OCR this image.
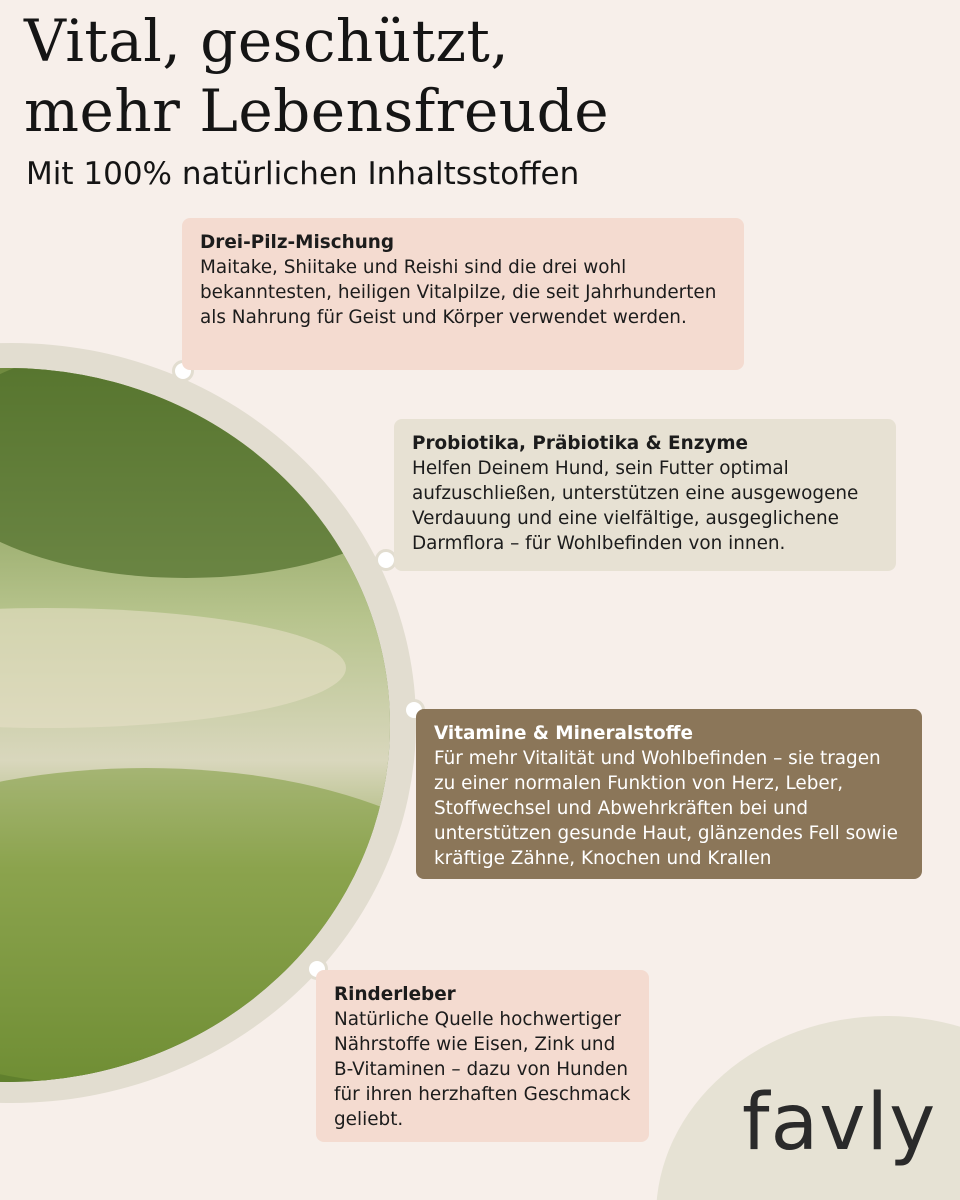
Vital, geschützt,
mehr Lebensfreude
Mit 100% natürlichen Inhaltsstoffen
Drei-Pilz-Mischung
Maitake, Shiitake und Reishi sind die drei wohl bekanntesten, heiligen Vitalpilze, die seit Jahrhunderten als Nahrung für Geist und Körper verwendet werden.
Probiotika, Präbiotika & Enzyme
Helfen Deinem Hund, sein Futter optimal aufzuschließen, unterstützen eine ausgewogene Verdauung und eine vielfältige, ausgeglichene Darmflora – für Wohlbefinden von innen.
Vitamine & Mineralstoffe
Für mehr Vitalität und Wohlbefinden – sie tragen zu einer normalen Funktion von Herz, Leber, Stoffwechsel und Abwehrkräften bei und unterstützen gesunde Haut, glänzendes Fell sowie kräftige Zähne, Knochen und Krallen
Rinderleber
Natürliche Quelle hochwertiger Nährstoffe wie Eisen, Zink und B-Vitaminen – dazu von Hunden für ihren herzhaften Geschmack geliebt.	favly
